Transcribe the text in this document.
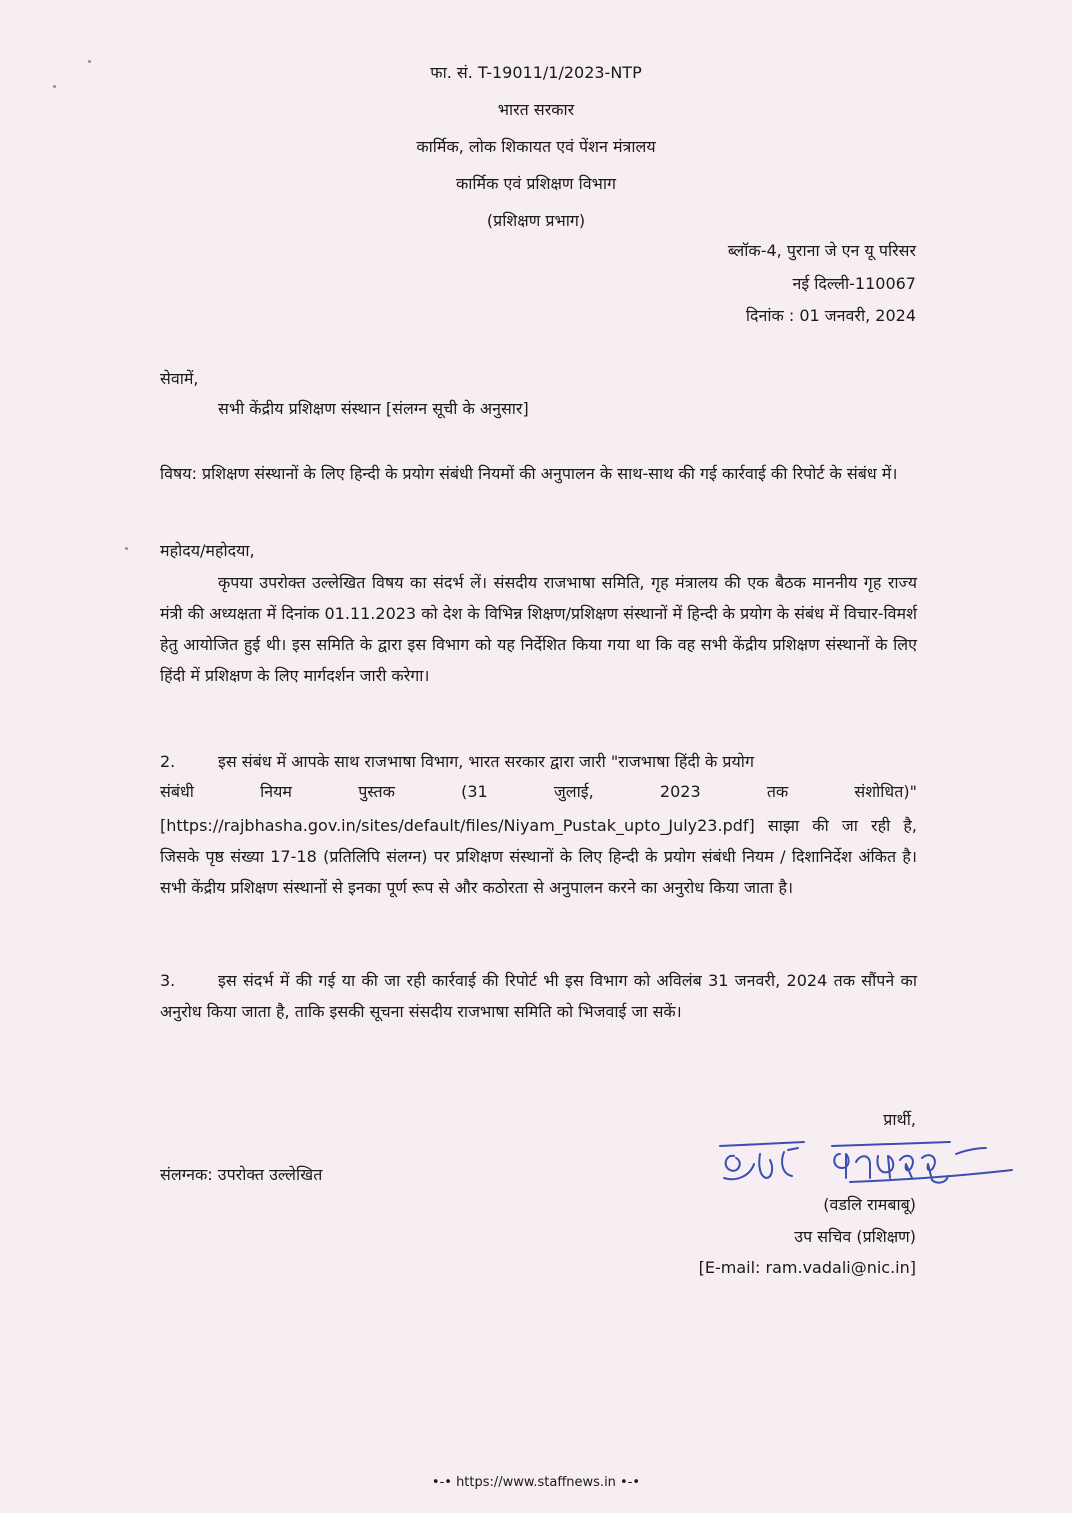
फा. सं. T-19011/1/2023-NTP
भारत सरकार
कार्मिक, लोक शिकायत एवं पेंशन मंत्रालय
कार्मिक एवं प्रशिक्षण विभाग
(प्रशिक्षण प्रभाग)
ब्लॉक-4, पुराना जे एन यू परिसर
नई दिल्ली-110067
दिनांक : 01 जनवरी, 2024
सेवामें,
सभी केंद्रीय प्रशिक्षण संस्थान [संलग्न सूची के अनुसार]
विषय: प्रशिक्षण संस्थानों के लिए हिन्दी के प्रयोग संबंधी नियमों की अनुपालन के साथ-साथ की गई कार्रवाई की रिपोर्ट के संबंध में।
महोदय/महोदया,
कृपया उपरोक्त उल्लेखित विषय का संदर्भ लें। संसदीय राजभाषा समिति, गृह मंत्रालय की एक बैठक माननीय गृह राज्य मंत्री की अध्यक्षता में दिनांक 01.11.2023 को देश के विभिन्न शिक्षण/प्रशिक्षण संस्थानों में हिन्दी के प्रयोग के संबंध में विचार-विमर्श हेतु आयोजित हुई थी। इस समिति के द्वारा इस विभाग को यह निर्देशित किया गया था कि वह सभी केंद्रीय प्रशिक्षण संस्थानों के लिए हिंदी में प्रशिक्षण के लिए मार्गदर्शन जारी करेगा।
2.	इस संबंध में आपके साथ राजभाषा विभाग, भारत सरकार द्वारा जारी "राजभाषा हिंदी के प्रयोग
संबंधी	नियम	पुस्तक	(31	जुलाई,	2023	तक	संशोधित)"
[https://rajbhasha.gov.in/sites/default/files/Niyam_Pustak_upto_July23.pdf] साझा की जा रही है, जिसके पृष्ठ संख्या 17-18 (प्रतिलिपि संलग्न) पर प्रशिक्षण संस्थानों के लिए हिन्दी के प्रयोग संबंधी नियम / दिशानिर्देश अंकित है। सभी केंद्रीय प्रशिक्षण संस्थानों से इनका पूर्ण रूप से और कठोरता से अनुपालन करने का अनुरोध किया जाता है।
3.	इस संदर्भ में की गई या की जा रही कार्रवाई की रिपोर्ट भी इस विभाग को अविलंब 31 जनवरी, 2024 तक सौंपने का अनुरोध किया जाता है, ताकि इसकी सूचना संसदीय राजभाषा समिति को भिजवाई जा सकें।
प्रार्थी,
संलग्नक: उपरोक्त उल्लेखित
(वडलि रामबाबू)
उप सचिव (प्रशिक्षण)
[E-mail: ram.vadali@nic.in]
•-• https://www.staffnews.in •-•
